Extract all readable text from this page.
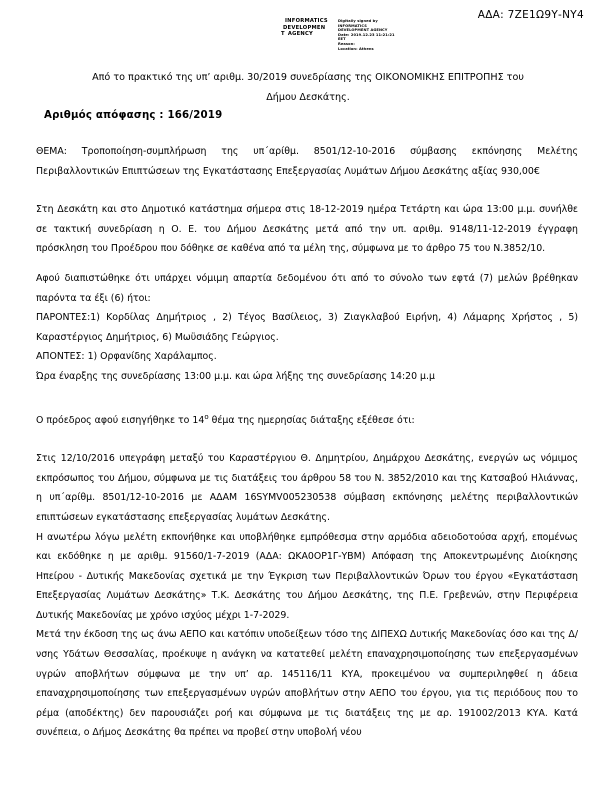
ΑΔΑ: 7ΖΕ1Ω9Υ-ΝΥ4
INFORMATICS
DEVELOPMEN
T AGENCY
Digitally signed by
INFORMATICS
DEVELOPMENT AGENCY
Date: 2019.12.23 11:21:21
EET
Reason:
Location: Athens
Από το πρακτικό της υπ’ αριθμ. 30/2019 συνεδρίασης της ΟΙΚΟΝΟΜΙΚΗΣ ΕΠΙΤΡΟΠΗΣ του Δήμου Δεσκάτης.
Αριθμός απόφασης : 166/2019

ΘΕΜΑ: Τροποποίηση-συμπλήρωση της υπ΄αρίθμ. 8501/12-10-2016 σύμβασης εκπόνησης Μελέτης Περιβαλλοντικών Επιπτώσεων της Εγκατάστασης Επεξεργασίας Λυμάτων Δήμου Δεσκάτης αξίας 930,00€

Στη Δεσκάτη και στο Δημοτικό κατάστημα σήμερα στις 18-12-2019 ημέρα Τετάρτη και ώρα 13:00 μ.μ. συνήλθε σε τακτική συνεδρίαση η Ο. Ε. του Δήμου Δεσκάτης μετά από την υπ. αριθμ. 9148/11-12-2019 έγγραφη πρόσκληση του Προέδρου που δόθηκε σε καθένα από τα μέλη της, σύμφωνα με το άρθρο 75 του Ν.3852/10.

Αφού διαπιστώθηκε ότι υπάρχει νόμιμη απαρτία δεδομένου ότι από το σύνολο των εφτά (7) μελών βρέθηκαν παρόντα τα έξι (6) ήτοι:

ΠΑΡΟΝΤΕΣ:1) Κορδίλας Δημήτριος , 2) Τέγος Βασίλειος, 3) Ζιαγκλαβού Ειρήνη, 4) Λάμαρης Χρήστος , 5) Καραστέργιος Δημήτριος, 6) Μωϋσιάδης Γεώργιος.

ΑΠΟΝΤΕΣ: 1) Ορφανίδης Χαράλαμπος.

Ώρα έναρξης της συνεδρίασης 13:00 μ.μ. και ώρα λήξης της συνεδρίασης 14:20 μ.μ

Ο πρόεδρος αφού εισηγήθηκε το $14^o$ θέμα της ημερησίας διάταξης εξέθεσε ότι:

Στις 12/10/2016 υπεγράφη μεταξύ του Καραστέργιου Θ. Δημητρίου, Δημάρχου Δεσκάτης, ενεργών ως νόμιμος εκπρόσωπος του Δήμου, σύμφωνα με τις διατάξεις του άρθρου 58 του Ν. 3852/2010 και της Κατσαβού Ηλιάννας, η υπ΄αρίθμ. 8501/12-10-2016 με ΑΔΑΜ 16SYMV005230538 σύμβαση εκπόνησης μελέτης περιβαλλοντικών επιπτώσεων εγκατάστασης επεξεργασίας λυμάτων Δεσκάτης.

Η ανωτέρω λόγω μελέτη εκπονήθηκε και υποβλήθηκε εμπρόθεσμα στην αρμόδια αδειοδοτούσα αρχή, επομένως και εκδόθηκε η με αριθμ. 91560/1-7-2019 (ΑΔΑ: ΩΚΑ0ΟΡ1Γ-ΥΒΜ) Απόφαση της Αποκεντρωμένης Διοίκησης Ηπείρου - Δυτικής Μακεδονίας σχετικά με την Έγκριση των Περιβαλλοντικών Όρων του έργου «Εγκατάσταση Επεξεργασίας Λυμάτων Δεσκάτης» Τ.Κ. Δεσκάτης του Δήμου Δεσκάτης, της Π.Ε. Γρεβενών, στην Περιφέρεια Δυτικής Μακεδονίας με χρόνο ισχύος μέχρι 1-7-2029.

Μετά την έκδοση της ως άνω ΑΕΠΟ και κατόπιν υποδείξεων τόσο της ΔΙΠΕΧΩ Δυτικής Μακεδονίας όσο και της Δ/νσης Υδάτων Θεσσαλίας, προέκυψε η ανάγκη να κατατεθεί μελέτη επαναχρησιμοποίησης των επεξεργασμένων υγρών αποβλήτων σύμφωνα με την υπ’ αρ. 145116/11 ΚΥΑ, προκειμένου να συμπεριληφθεί η άδεια επαναχρησιμοποίησης των επεξεργασμένων υγρών αποβλήτων στην ΑΕΠΟ του έργου, για τις περιόδους που το ρέμα (αποδέκτης) δεν παρουσιάζει ροή και σύμφωνα με τις διατάξεις της με αρ. 191002/2013 ΚΥΑ. Κατά συνέπεια, ο Δήμος Δεσκάτης θα πρέπει να προβεί στην υποβολή νέου
